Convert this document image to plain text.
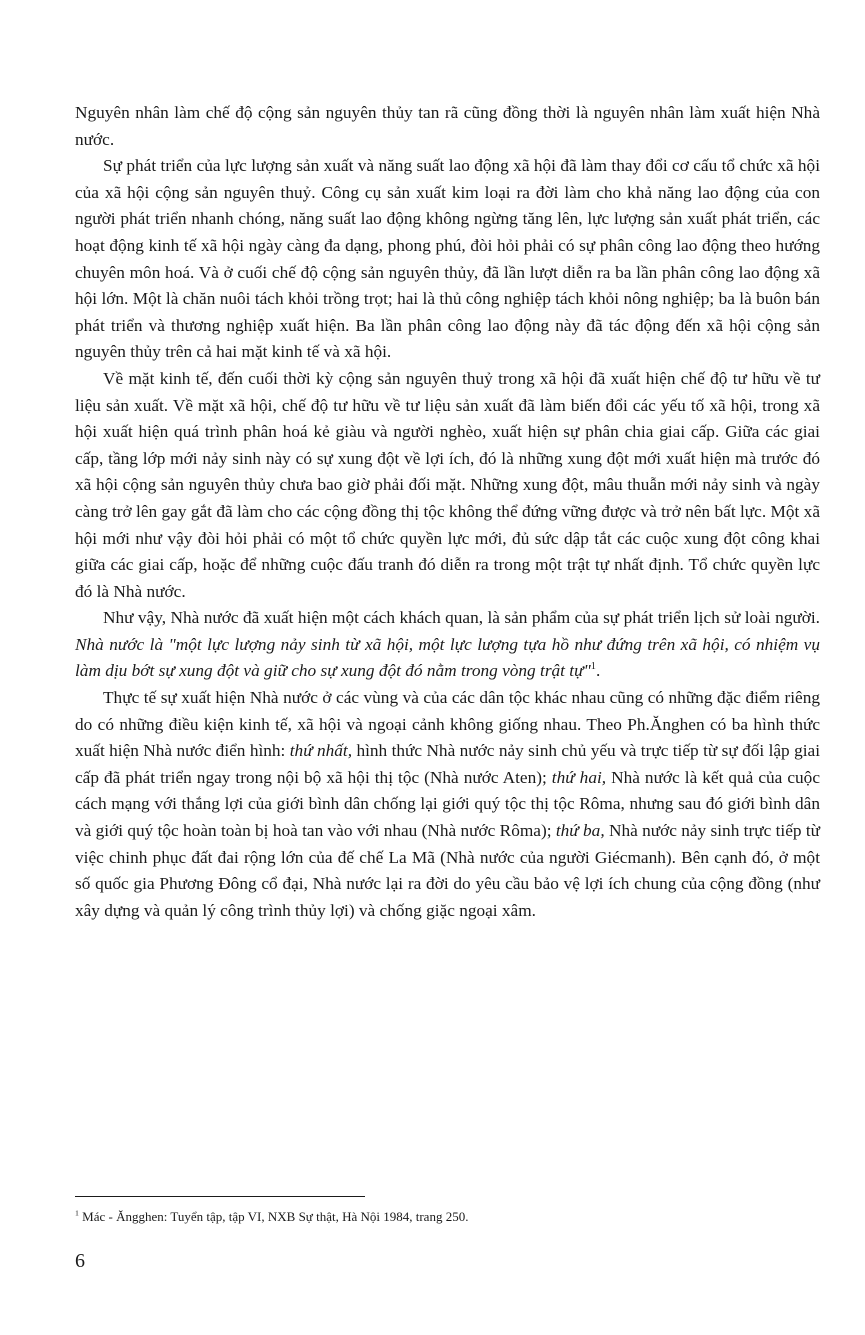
Nguyên nhân làm chế độ cộng sản nguyên thủy tan rã cũng đồng thời là nguyên nhân làm xuất hiện Nhà nước.

Sự phát triển của lực lượng sản xuất và năng suất lao động xã hội đã làm thay đổi cơ cấu tổ chức xã hội của xã hội cộng sản nguyên thuỷ. Công cụ sản xuất kim loại ra đời làm cho khả năng lao động của con người phát triển nhanh chóng, năng suất lao động không ngừng tăng lên, lực lượng sản xuất phát triển, các hoạt động kinh tế xã hội ngày càng đa dạng, phong phú, đòi hỏi phải có sự phân công lao động theo hướng chuyên môn hoá. Và ở cuối chế độ cộng sản nguyên thủy, đã lần lượt diễn ra ba lần phân công lao động xã hội lớn. Một là chăn nuôi tách khỏi trồng trọt; hai là thủ công nghiệp tách khỏi nông nghiệp; ba là buôn bán phát triển và thương nghiệp xuất hiện. Ba lần phân công lao động này đã tác động đến xã hội cộng sản nguyên thủy trên cả hai mặt kinh tế và xã hội.

Về mặt kinh tế, đến cuối thời kỳ cộng sản nguyên thuỷ trong xã hội đã xuất hiện chế độ tư hữu về tư liệu sản xuất. Về mặt xã hội, chế độ tư hữu về tư liệu sản xuất đã làm biến đổi các yếu tố xã hội, trong xã hội xuất hiện quá trình phân hoá kẻ giàu và người nghèo, xuất hiện sự phân chia giai cấp. Giữa các giai cấp, tầng lớp mới nảy sinh này có sự xung đột về lợi ích, đó là những xung đột mới xuất hiện mà trước đó xã hội cộng sản nguyên thủy chưa bao giờ phải đối mặt. Những xung đột, mâu thuẫn mới nảy sinh và ngày càng trở lên gay gắt đã làm cho các cộng đồng thị tộc không thể đứng vững được và trở nên bất lực. Một xã hội mới như vậy đòi hỏi phải có một tổ chức quyền lực mới, đủ sức dập tắt các cuộc xung đột công khai giữa các giai cấp, hoặc để những cuộc đấu tranh đó diễn ra trong một trật tự nhất định. Tổ chức quyền lực đó là Nhà nước.

Như vậy, Nhà nước đã xuất hiện một cách khách quan, là sản phẩm của sự phát triển lịch sử loài người. Nhà nước là "một lực lượng nảy sinh từ xã hội, một lực lượng tựa hồ như đứng trên xã hội, có nhiệm vụ làm dịu bớt sự xung đột và giữ cho sự xung đột đó nằm trong vòng trật tự"$^1$.

Thực tế sự xuất hiện Nhà nước ở các vùng và của các dân tộc khác nhau cũng có những đặc điểm riêng do có những điều kiện kinh tế, xã hội và ngoại cảnh không giống nhau. Theo Ph.Ănghen có ba hình thức xuất hiện Nhà nước điển hình: thứ nhất, hình thức Nhà nước nảy sinh chủ yếu và trực tiếp từ sự đối lập giai cấp đã phát triển ngay trong nội bộ xã hội thị tộc (Nhà nước Aten); thứ hai, Nhà nước là kết quả của cuộc cách mạng với thắng lợi của giới bình dân chống lại giới quý tộc thị tộc Rôma, nhưng sau đó giới bình dân và giới quý tộc hoàn toàn bị hoà tan vào với nhau (Nhà nước Rôma); thứ ba, Nhà nước nảy sinh trực tiếp từ việc chinh phục đất đai rộng lớn của đế chế La Mã (Nhà nước của người Giécmanh). Bên cạnh đó, ở một số quốc gia Phương Đông cổ đại, Nhà nước lại ra đời do yêu cầu bảo vệ lợi ích chung của cộng đồng (như xây dựng và quản lý công trình thủy lợi) và chống giặc ngoại xâm.

$^1$ Mác - Ăngghen: Tuyển tập, tập VI, NXB Sự thật, Hà Nội 1984, trang 250.
6
